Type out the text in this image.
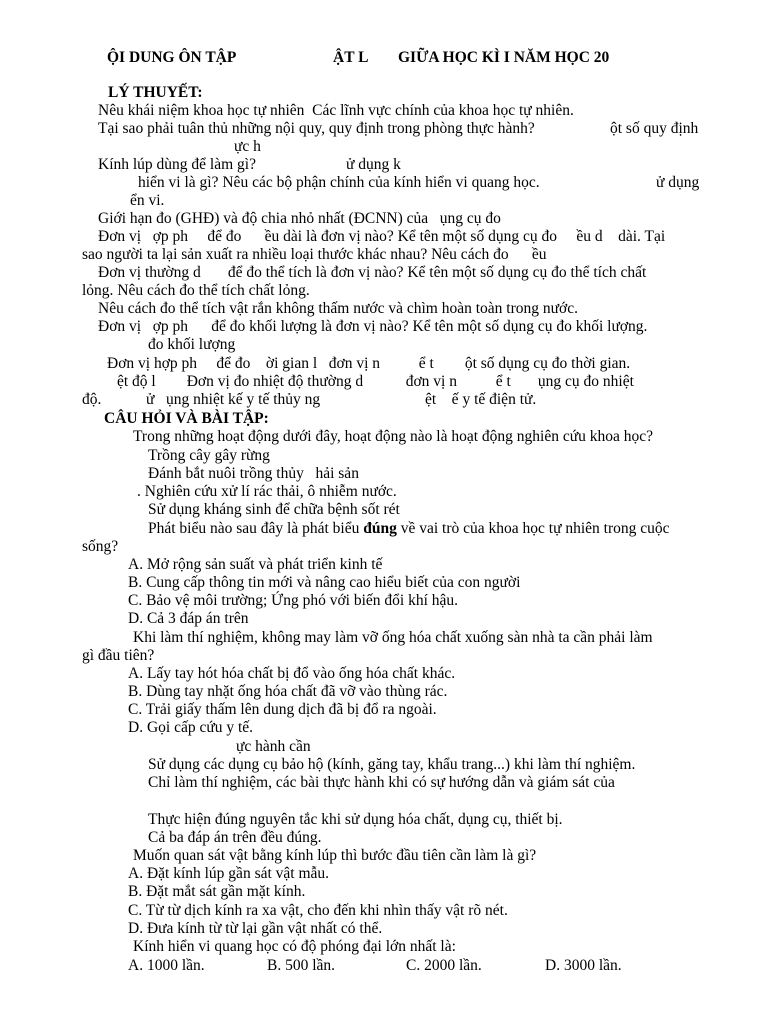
ỘI DUNG ÔN TẬP	ẬT L GIỮA HỌC KÌ I NĂM HỌC 20
LÝ THUYẾT:
Nêu khái niệm khoa học tự nhiên  Các lĩnh vực chính của khoa học tự nhiên.
Tại sao phải tuân thủ những nội quy, quy định trong phòng thực hành?	ột số quy định
ực h
Kính lúp dùng để làm gì?	ử dụng k
hiển vi là gì? Nêu các bộ phận chính của kính hiển vi quang học.	ử dụng
ển vi.
Giới hạn đo (GHĐ) và độ chia nhỏ nhất (ĐCNN) của   ụng cụ đo
Đơn vị   ợp ph     để đo      ều dài là đơn vị nào? Kể tên một số dụng cụ đo     ều d    dài. Tại
sao người ta lại sản xuất ra nhiều loại thước khác nhau? Nêu cách đo      ều
Đơn vị thường d       để đo thể tích là đơn vị nào? Kể tên một số dụng cụ đo thể tích chất
lỏng. Nêu cách đo thể tích chất lỏng.
Nêu cách đo thể tích vật rắn không thấm nước và chìm hoàn toàn trong nước.
Đơn vị   ợp ph      để đo khối lượng là đơn vị nào? Kể tên một số dụng cụ đo khối lượng.
đo khối lượng
Đơn vị hợp ph     để đo    ời gian l   đơn vị n          ể t        ột số dụng cụ đo thời gian.
ệt độ l        Đơn vị đo nhiệt độ thường d           đơn vị n          ể t       ụng cụ đo nhiệt
độ.	ử   ụng nhiệt kế y tế thủy ng	ệt    ế y tế điện tử.
CÂU HỎI VÀ BÀI TẬP:
Trong những hoạt động dưới đây, hoạt động nào là hoạt động nghiên cứu khoa học?
Trồng cây gây rừng
Đánh bắt nuôi trồng thủy   hải sản
. Nghiên cứu xử lí rác thải, ô nhiễm nước.
Sử dụng kháng sinh để chữa bệnh sốt rét
Phát biểu nào sau đây là phát biểu đúng về vai trò của khoa học tự nhiên trong cuộc
sống?
A. Mở rộng sản suất và phát triển kinh tế
B. Cung cấp thông tin mới và nâng cao hiểu biết của con người
C. Bảo vệ môi trường; Ứng phó với biến đổi khí hậu.
D. Cả 3 đáp án trên
Khi làm thí nghiệm, không may làm vỡ ống hóa chất xuống sàn nhà ta cần phải làm
gì đầu tiên?
A. Lấy tay hót hóa chất bị đổ vào ống hóa chất khác.
B. Dùng tay nhặt ống hóa chất đã vỡ vào thùng rác.
C. Trải giấy thấm lên dung dịch đã bị đổ ra ngoài.
D. Gọi cấp cứu y tế.
ực hành cần
Sử dụng các dụng cụ bảo hộ (kính, găng tay, khẩu trang...) khi làm thí nghiệm.
Chỉ làm thí nghiệm, các bài thực hành khi có sự hướng dẫn và giám sát của
Thực hiện đúng nguyên tắc khi sử dụng hóa chất, dụng cụ, thiết bị.
Cả ba đáp án trên đều đúng.
Muốn quan sát vật bằng kính lúp thì bước đầu tiên cần làm là gì?
A. Đặt kính lúp gần sát vật mẫu.
B. Đặt mắt sát gần mặt kính.
C. Từ từ dịch kính ra xa vật, cho đến khi nhìn thấy vật rõ nét.
D. Đưa kính từ từ lại gần vật nhất có thể.
Kính hiển vi quang học có độ phóng đại lớn nhất là:
A. 1000 lần.	B. 500 lần.	C. 2000 lần.	D. 3000 lần.
